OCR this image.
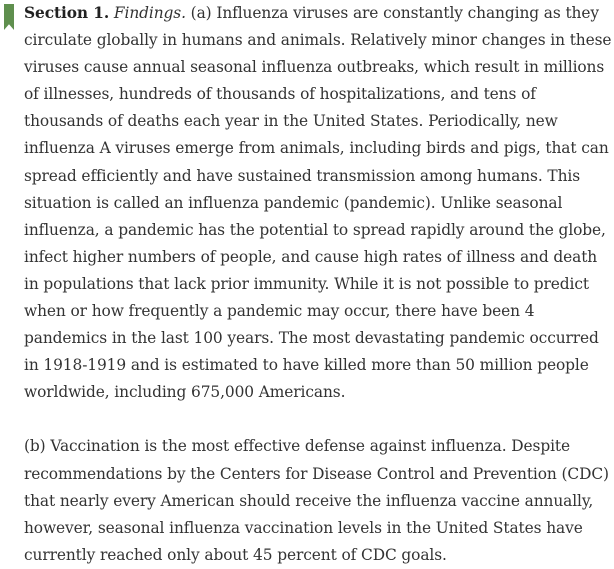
Section 1. Findings. (a) Influenza viruses are constantly changing as they circulate globally in humans and animals. Relatively minor changes in these viruses cause annual seasonal influenza outbreaks, which result in millions of illnesses, hundreds of thousands of hospitalizations, and tens of thousands of deaths each year in the United States. Periodically, new influenza A viruses emerge from animals, including birds and pigs, that can spread efficiently and have sustained transmission among humans. This situation is called an influenza pandemic (pandemic). Unlike seasonal influenza, a pandemic has the potential to spread rapidly around the globe, infect higher numbers of people, and cause high rates of illness and death in populations that lack prior immunity. While it is not possible to predict when or how frequently a pandemic may occur, there have been 4 pandemics in the last 100 years. The most devastating pandemic occurred in 1918-1919 and is estimated to have killed more than 50 million people worldwide, including 675,000 Americans.

(b) Vaccination is the most effective defense against influenza. Despite recommendations by the Centers for Disease Control and Prevention (CDC) that nearly every American should receive the influenza vaccine annually, however, seasonal influenza vaccination levels in the United States have currently reached only about 45 percent of CDC goals.
